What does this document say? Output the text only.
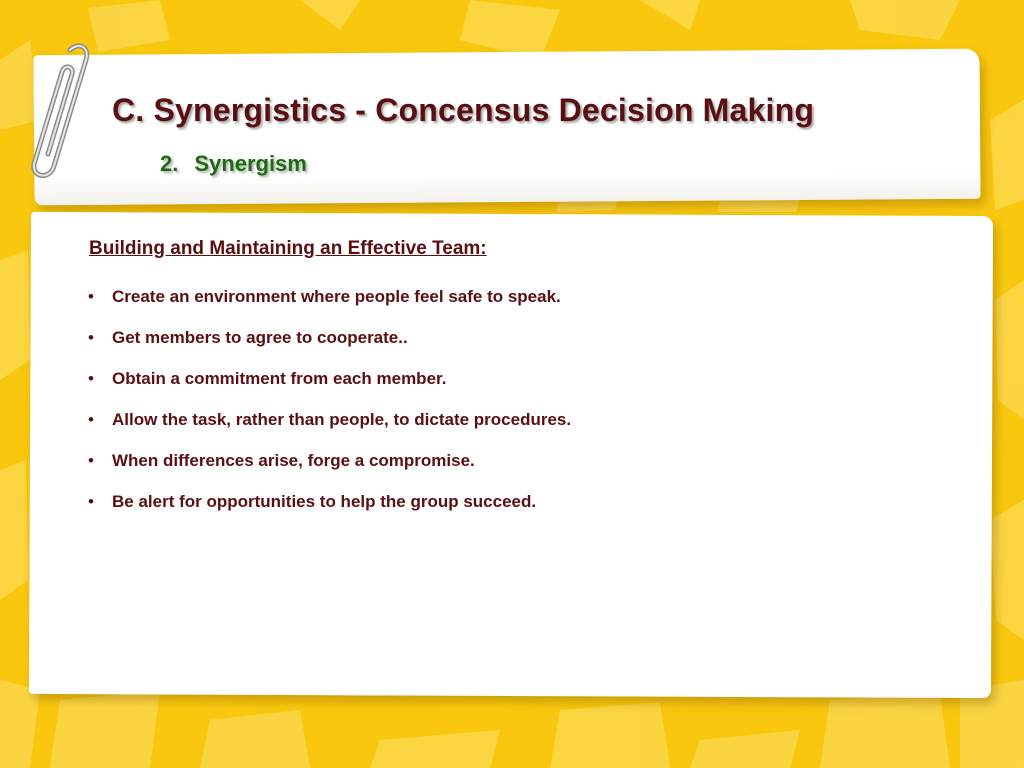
C. Synergistics - Concensus Decision Making
2. Synergism
Building and Maintaining an Effective Team:
•	Create an environment where people feel safe to speak.
•	Get members to agree to cooperate..
•	Obtain a commitment from each member.
•	Allow the task, rather than people, to dictate procedures.
•	When differences arise, forge a compromise.
•	Be alert for opportunities to help the group succeed.
